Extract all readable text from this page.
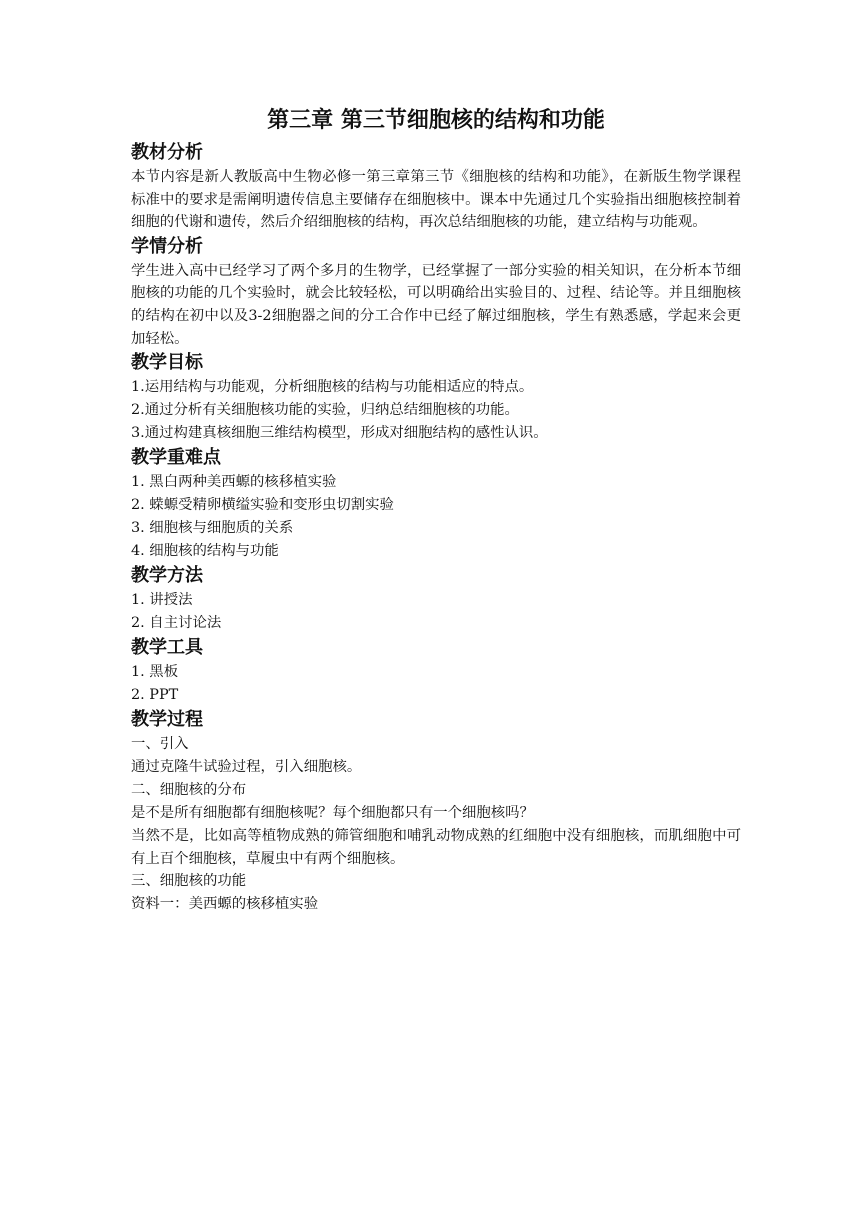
第三章 第三节细胞核的结构和功能
教材分析

本节内容是新人教版高中生物必修一第三章第三节《细胞核的结构和功能》，在新版生物学课程标准中的要求是需阐明遗传信息主要储存在细胞核中。课本中先通过几个实验指出细胞核控制着细胞的代谢和遗传，然后介绍细胞核的结构，再次总结细胞核的功能，建立结构与功能观。

学情分析

学生进入高中已经学习了两个多月的生物学，已经掌握了一部分实验的相关知识，在分析本节细胞核的功能的几个实验时，就会比较轻松，可以明确给出实验目的、过程、结论等。并且细胞核的结构在初中以及3-2细胞器之间的分工合作中已经了解过细胞核，学生有熟悉感，学起来会更加轻松。

教学目标

1.运用结构与功能观，分析细胞核的结构与功能相适应的特点。

2.通过分析有关细胞核功能的实验，归纳总结细胞核的功能。

3.通过构建真核细胞三维结构模型，形成对细胞结构的感性认识。

教学重难点

1. 黑白两种美西螈的核移植实验

2. 蝾螈受精卵横缢实验和变形虫切割实验

3. 细胞核与细胞质的关系

4. 细胞核的结构与功能

教学方法

1. 讲授法

2. 自主讨论法

教学工具

1. 黑板

2. PPT

教学过程

一、引入

通过克隆牛试验过程，引入细胞核。

二、细胞核的分布

是不是所有细胞都有细胞核呢？每个细胞都只有一个细胞核吗？

当然不是，比如高等植物成熟的筛管细胞和哺乳动物成熟的红细胞中没有细胞核，而肌细胞中可有上百个细胞核，草履虫中有两个细胞核。

三、细胞核的功能

资料一：美西螈的核移植实验
